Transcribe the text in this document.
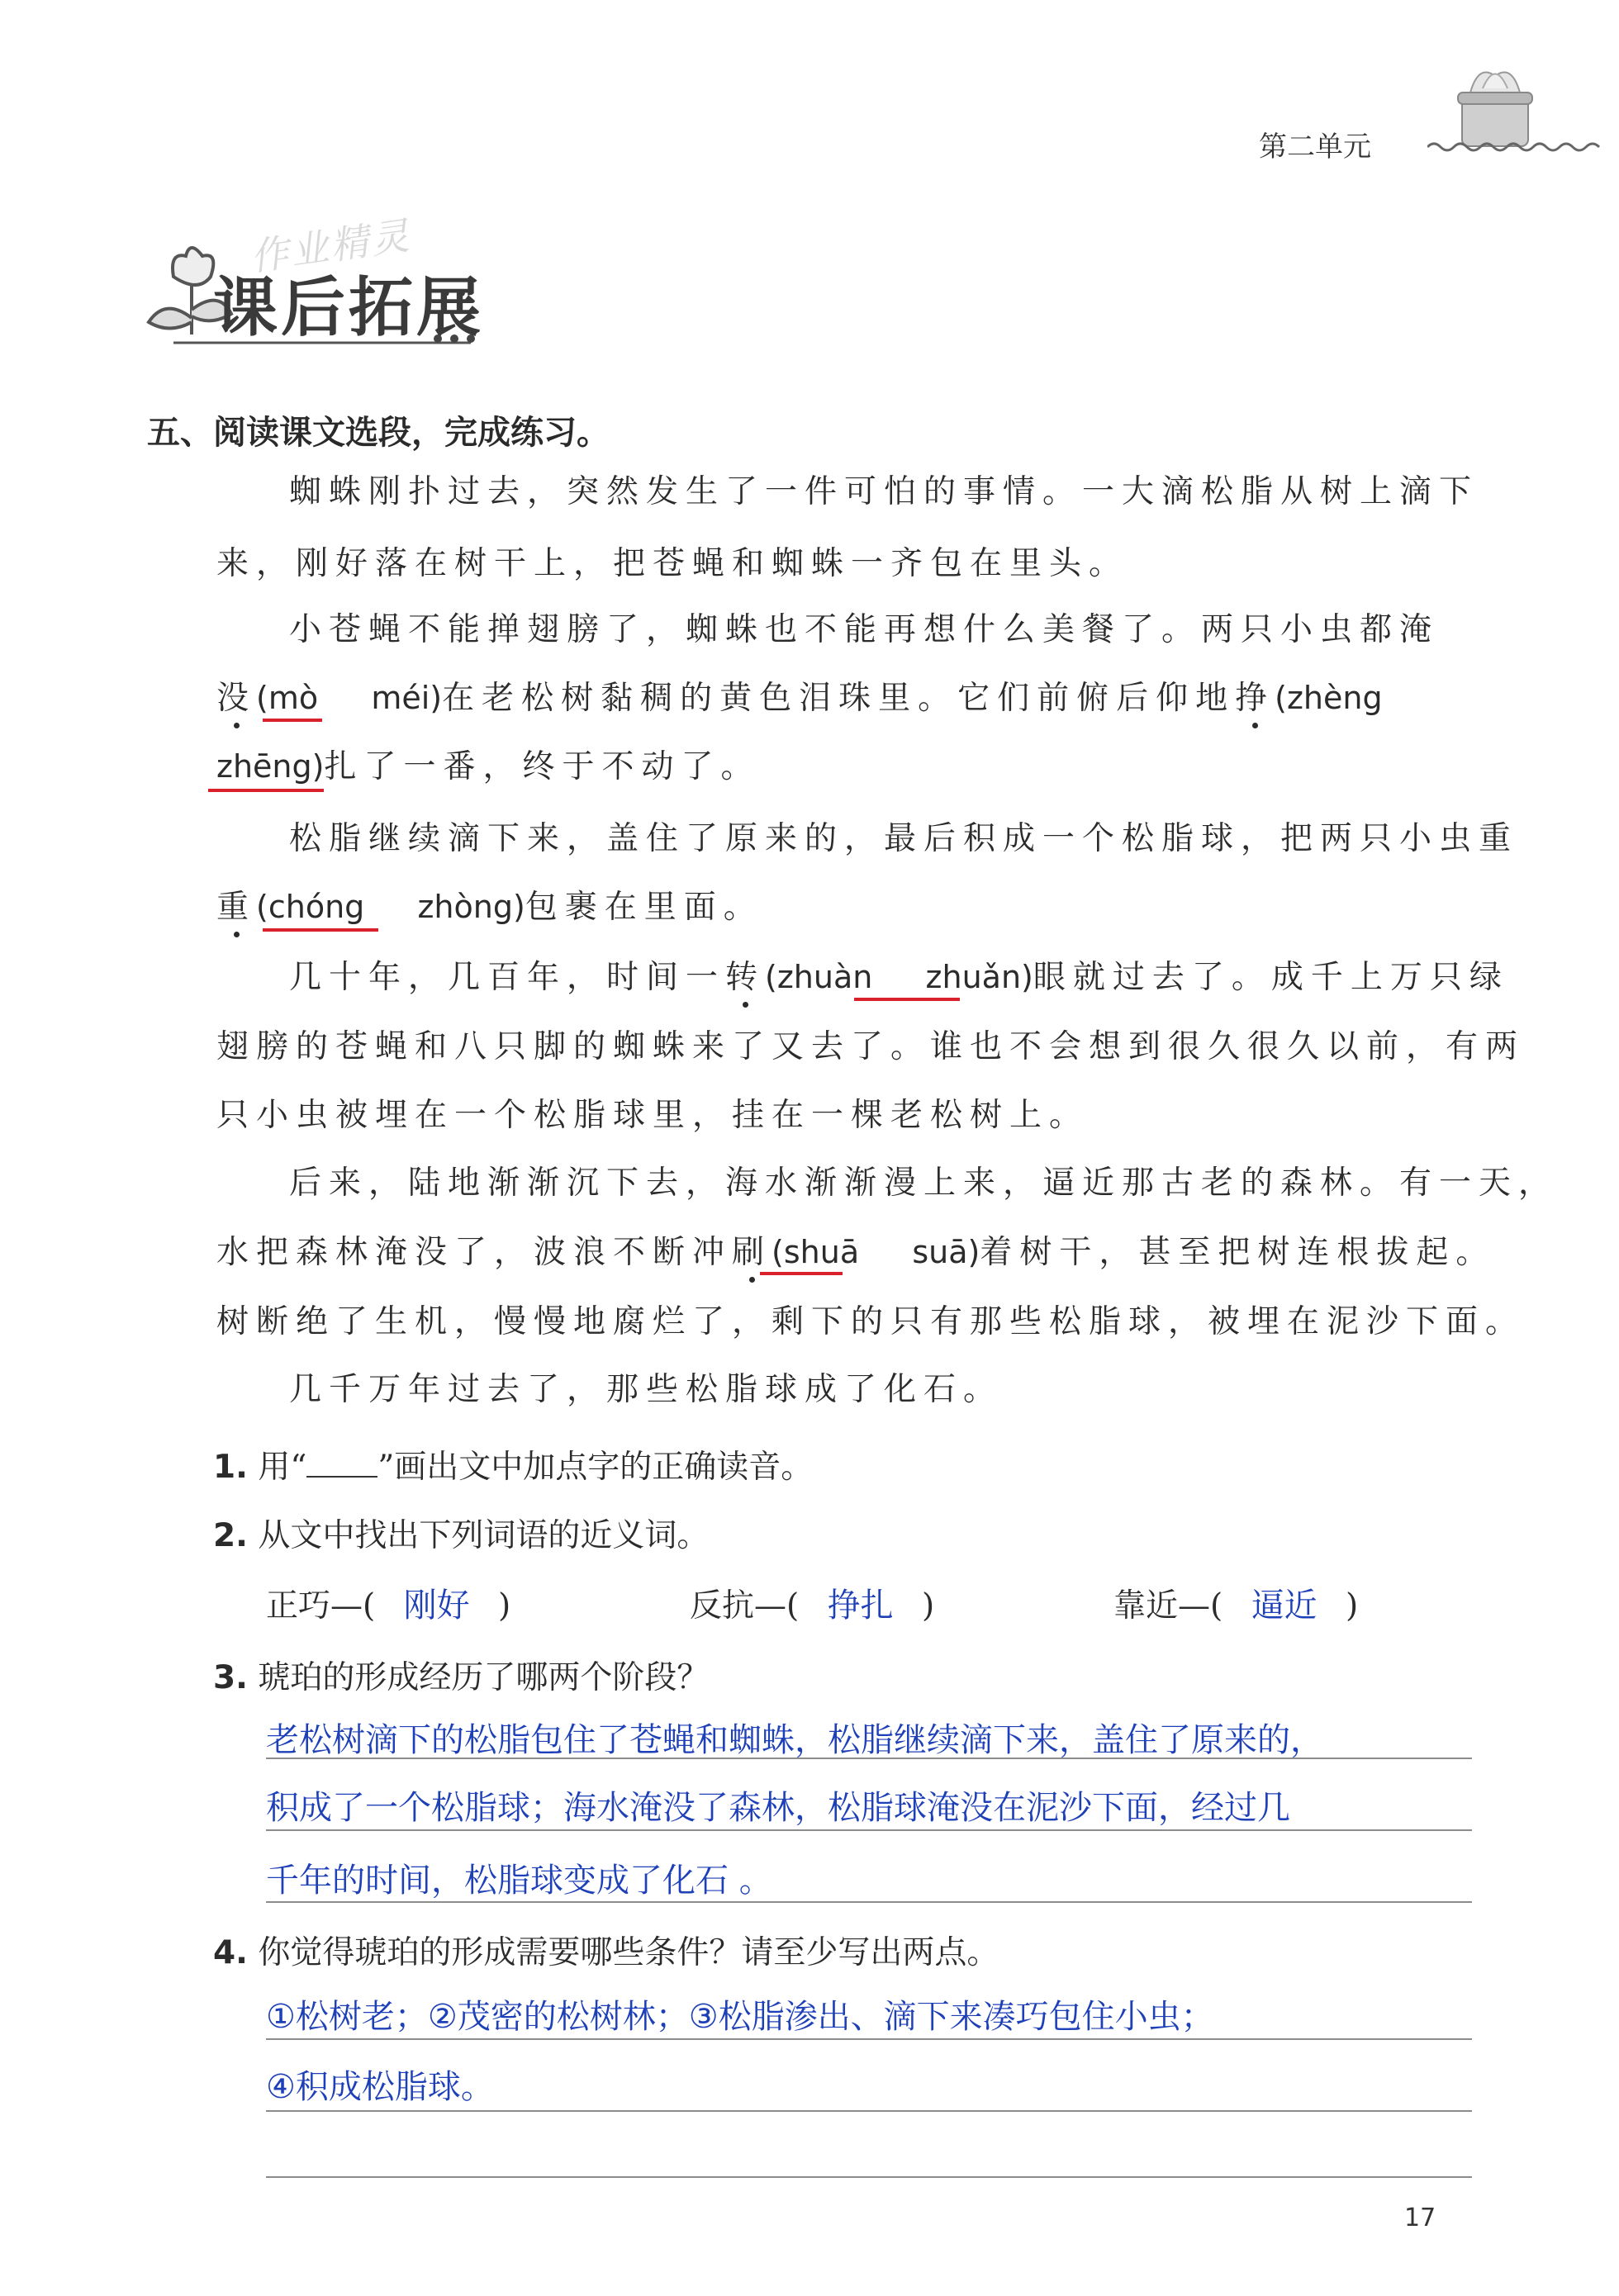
第二单元
作业精灵
课后拓展
五、阅读课文选段，完成练习。
蜘蛛刚扑过去，突然发生了一件可怕的事情。一大滴松脂从树上滴下
来，刚好落在树干上，把苍蝇和蜘蛛一齐包在里头。
小苍蝇不能掸翅膀了，蜘蛛也不能再想什么美餐了。两只小虫都淹
没(mò méi)在老松树黏稠的黄色泪珠里。它们前俯后仰地挣(zhèng
zhēng)扎了一番，终于不动了。
松脂继续滴下来，盖住了原来的，最后积成一个松脂球，把两只小虫重
重(chóng zhòng)包裹在里面。
几十年，几百年，时间一转(zhuàn zhuǎn)眼就过去了。成千上万只绿
翅膀的苍蝇和八只脚的蜘蛛来了又去了。谁也不会想到很久很久以前，有两
只小虫被埋在一个松脂球里，挂在一棵老松树上。
后来，陆地渐渐沉下去，海水渐渐漫上来，逼近那古老的森林。有一天，
水把森林淹没了，波浪不断冲刷(shuā suā)着树干，甚至把树连根拔起。
树断绝了生机，慢慢地腐烂了，剩下的只有那些松脂球，被埋在泥沙下面。
几千万年过去了，那些松脂球成了化石。
1. 用“ ”画出文中加点字的正确读音。
2. 从文中找出下列词语的近义词。
正巧—( 刚好 )	反抗—( 挣扎 )	靠近—( 逼近 )
3. 琥珀的形成经历了哪两个阶段？
老松树滴下的松脂包住了苍蝇和蜘蛛，松脂继续滴下来，盖住了原来的，
积成了一个松脂球；海水淹没了森林，松脂球淹没在泥沙下面，经过几
千年的时间，松脂球变成了化石 。
4. 你觉得琥珀的形成需要哪些条件？请至少写出两点。
①松树老；②茂密的松树林；③松脂渗出、滴下来凑巧包住小虫；
④积成松脂球。
17
